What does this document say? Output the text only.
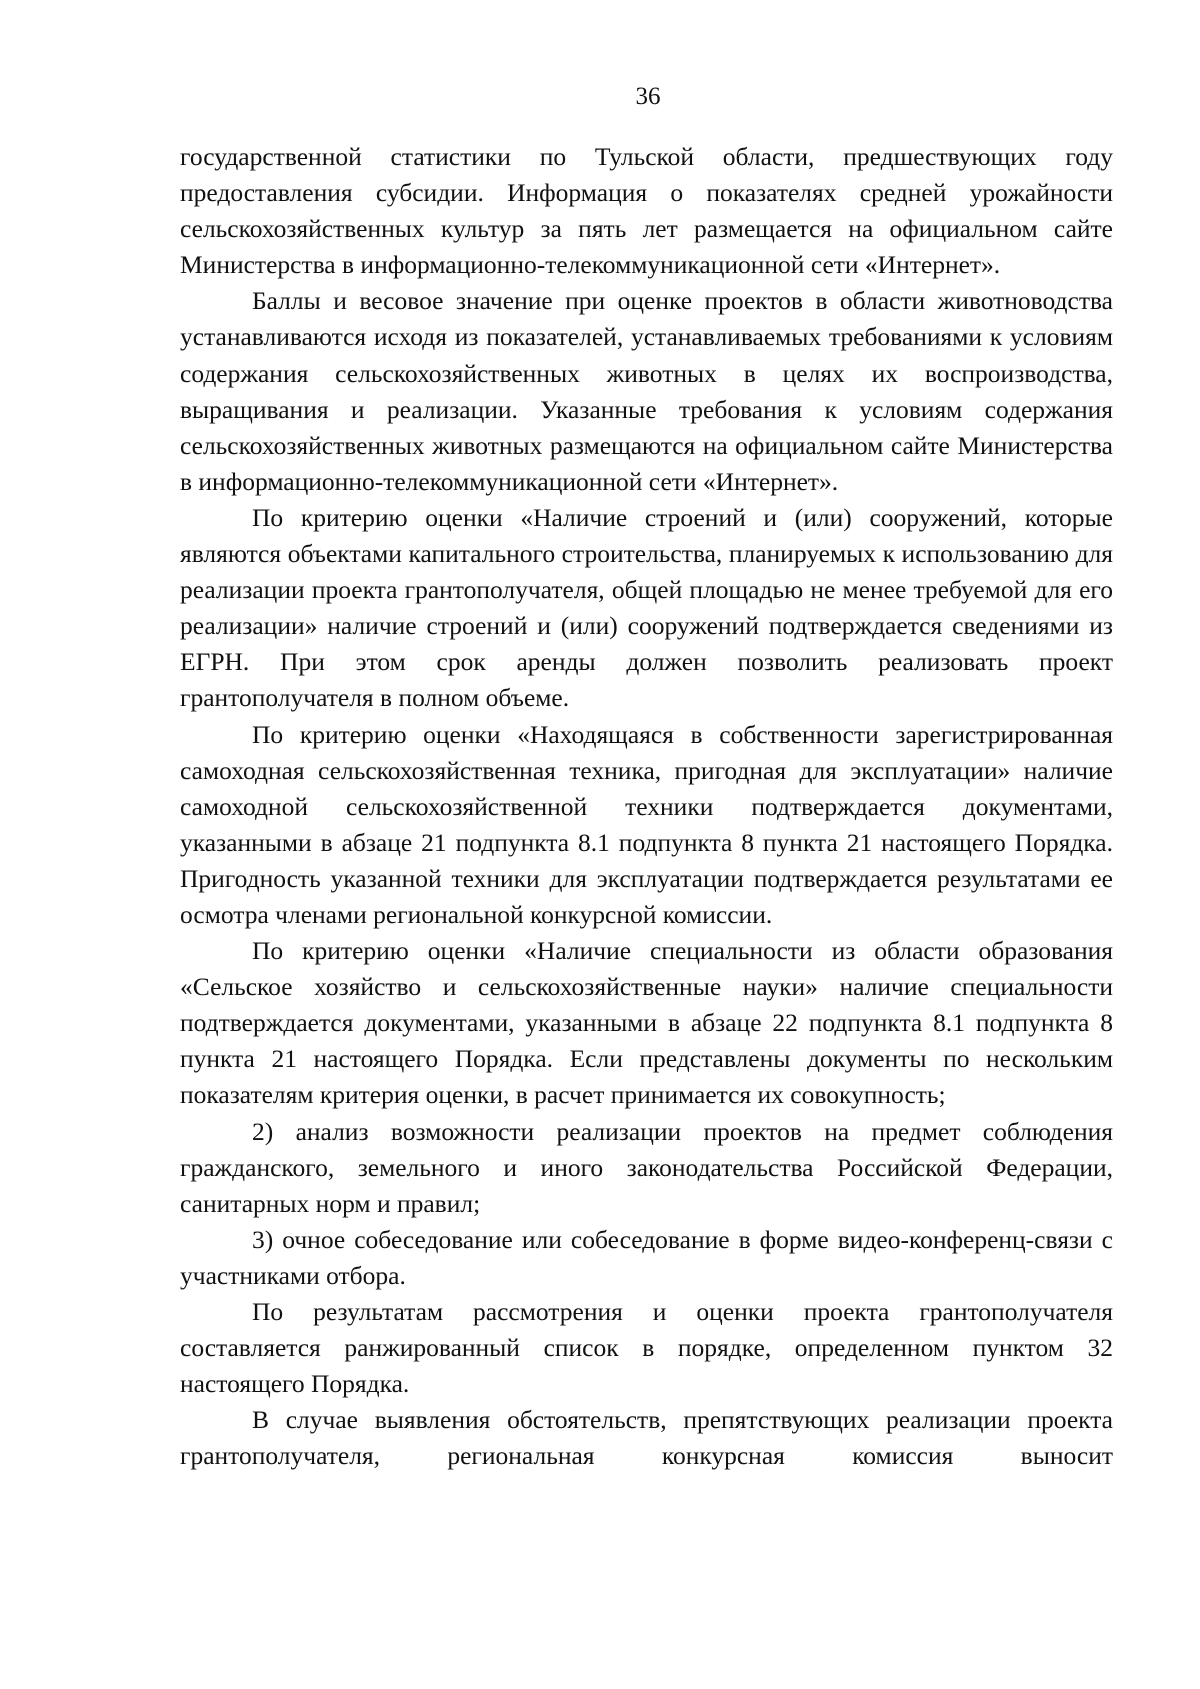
36

государственной статистики по Тульской области, предшествующих году предоставления субсидии. Информация о показателях средней урожайности сельскохозяйственных культур за пять лет размещается на официальном сайте Министерства в информационно-телекоммуникационной сети «Интернет».

Баллы и весовое значение при оценке проектов в области животноводства устанавливаются исходя из показателей, устанавливаемых требованиями к условиям содержания сельскохозяйственных животных в целях их воспроизводства, выращивания и реализации. Указанные требования к условиям содержания сельскохозяйственных животных размещаются на официальном сайте Министерства в информационно-телекоммуникационной сети «Интернет».

По критерию оценки «Наличие строений и (или) сооружений, которые являются объектами капитального строительства, планируемых к использованию для реализации проекта грантополучателя, общей площадью не менее требуемой для его реализации» наличие строений и (или) сооружений подтверждается сведениями из ЕГРН. При этом срок аренды должен позволить реализовать проект грантополучателя в полном объеме.

По критерию оценки «Находящаяся в собственности зарегистрированная самоходная сельскохозяйственная техника, пригодная для эксплуатации» наличие самоходной сельскохозяйственной техники подтверждается документами, указанными в абзаце 21 подпункта 8.1 подпункта 8 пункта 21 настоящего Порядка. Пригодность указанной техники для эксплуатации подтверждается результатами ее осмотра членами региональной конкурсной комиссии.

По критерию оценки «Наличие специальности из области образования «Сельское хозяйство и сельскохозяйственные науки» наличие специальности подтверждается документами, указанными в абзаце 22 подпункта 8.1 подпункта 8 пункта 21 настоящего Порядка. Если представлены документы по нескольким показателям критерия оценки, в расчет принимается их совокупность;

2) анализ возможности реализации проектов на предмет соблюдения гражданского, земельного и иного законодательства Российской Федерации, санитарных норм и правил;

3) очное собеседование или собеседование в форме видео-конференц-связи с участниками отбора.

По результатам рассмотрения и оценки проекта грантополучателя составляется ранжированный список в порядке, определенном пунктом 32 настоящего Порядка.

В случае выявления обстоятельств, препятствующих реализации проекта грантополучателя, региональная конкурсная комиссия выносит
